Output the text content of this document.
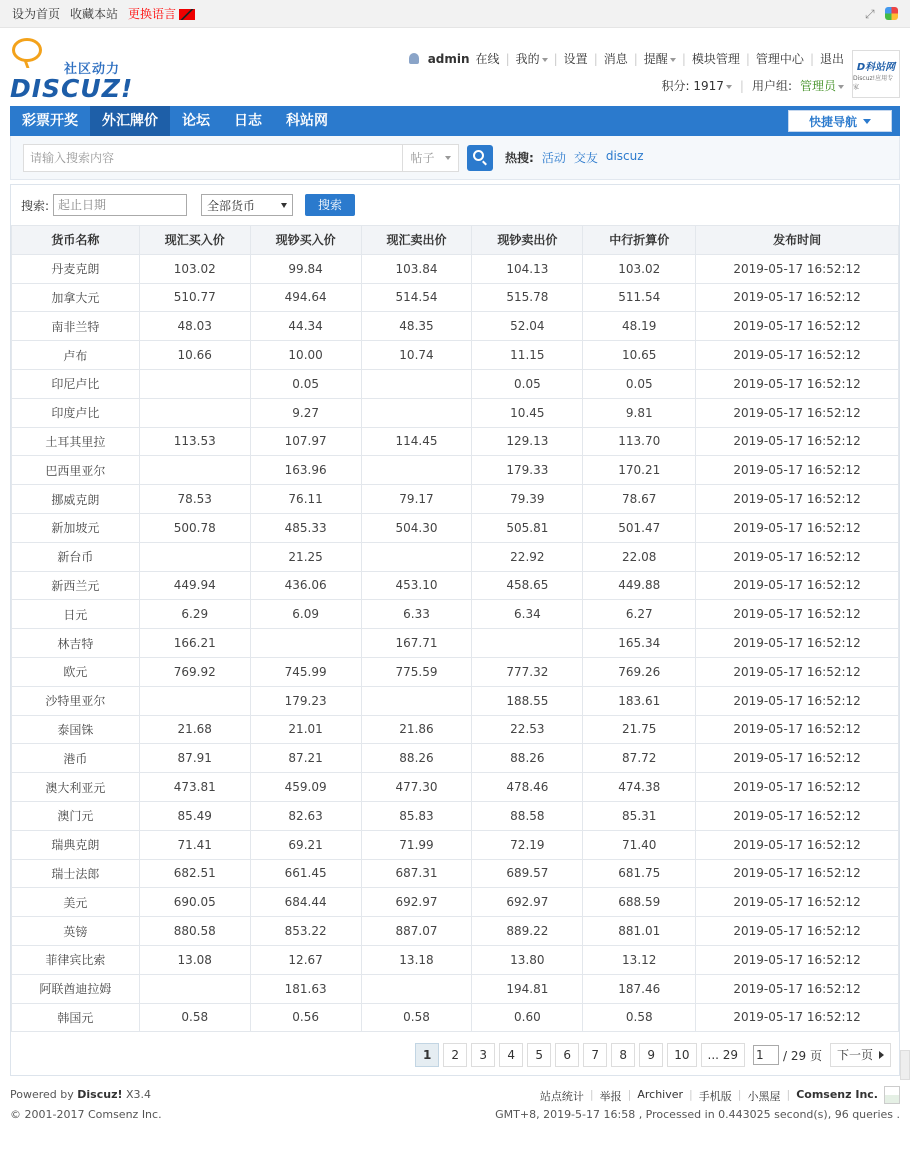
设为首页 收藏本站 更换语言	⤢
社区动力
DISCUZ!
admin 在线 | 我的	| 设置 | 消息 | 提醒	| 模块管理 | 管理中心 | 退出
积分: 1917	| 用户组: 管理员
D科站网
Discuz!应用专家
彩票开奖	外汇牌价	论坛	日志	科站网	快捷导航
请输入搜索内容	帖子	热搜: 活动 交友 discuz
搜索: 起止日期	全部货币	搜索
货币名称	现汇买入价	现钞买入价	现汇卖出价	现钞卖出价	中行折算价	发布时间
丹麦克朗	103.02	99.84	103.84	104.13	103.02	2019-05-17 16:52:12
加拿大元	510.77	494.64	514.54	515.78	511.54	2019-05-17 16:52:12
南非兰特	48.03	44.34	48.35	52.04	48.19	2019-05-17 16:52:12
卢布	10.66	10.00	10.74	11.15	10.65	2019-05-17 16:52:12
印尼卢比		0.05		0.05	0.05	2019-05-17 16:52:12
印度卢比		9.27		10.45	9.81	2019-05-17 16:52:12
土耳其里拉	113.53	107.97	114.45	129.13	113.70	2019-05-17 16:52:12
巴西里亚尔		163.96		179.33	170.21	2019-05-17 16:52:12
挪威克朗	78.53	76.11	79.17	79.39	78.67	2019-05-17 16:52:12
新加坡元	500.78	485.33	504.30	505.81	501.47	2019-05-17 16:52:12
新台币		21.25		22.92	22.08	2019-05-17 16:52:12
新西兰元	449.94	436.06	453.10	458.65	449.88	2019-05-17 16:52:12
日元	6.29	6.09	6.33	6.34	6.27	2019-05-17 16:52:12
林吉特	166.21		167.71		165.34	2019-05-17 16:52:12
欧元	769.92	745.99	775.59	777.32	769.26	2019-05-17 16:52:12
沙特里亚尔		179.23		188.55	183.61	2019-05-17 16:52:12
泰国铢	21.68	21.01	21.86	22.53	21.75	2019-05-17 16:52:12
港币	87.91	87.21	88.26	88.26	87.72	2019-05-17 16:52:12
澳大利亚元	473.81	459.09	477.30	478.46	474.38	2019-05-17 16:52:12
澳门元	85.49	82.63	85.83	88.58	85.31	2019-05-17 16:52:12
瑞典克朗	71.41	69.21	71.99	72.19	71.40	2019-05-17 16:52:12
瑞士法郎	682.51	661.45	687.31	689.57	681.75	2019-05-17 16:52:12
美元	690.05	684.44	692.97	692.97	688.59	2019-05-17 16:52:12
英镑	880.58	853.22	887.07	889.22	881.01	2019-05-17 16:52:12
菲律宾比索	13.08	12.67	13.18	13.80	13.12	2019-05-17 16:52:12
阿联酋迪拉姆		181.63		194.81	187.46	2019-05-17 16:52:12
韩国元	0.58	0.56	0.58	0.60	0.58	2019-05-17 16:52:12
1	2	3	4	5	6	7	8	9	10	... 29	1	/ 29 页 下一页
Powered by Discuz! X3.4
© 2001-2017 Comsenz Inc.
站点统计 | 举报 | Archiver | 手机版 | 小黑屋 | Comsenz Inc.
GMT+8, 2019-5-17 16:58 , Processed in 0.443025 second(s), 96 queries .
